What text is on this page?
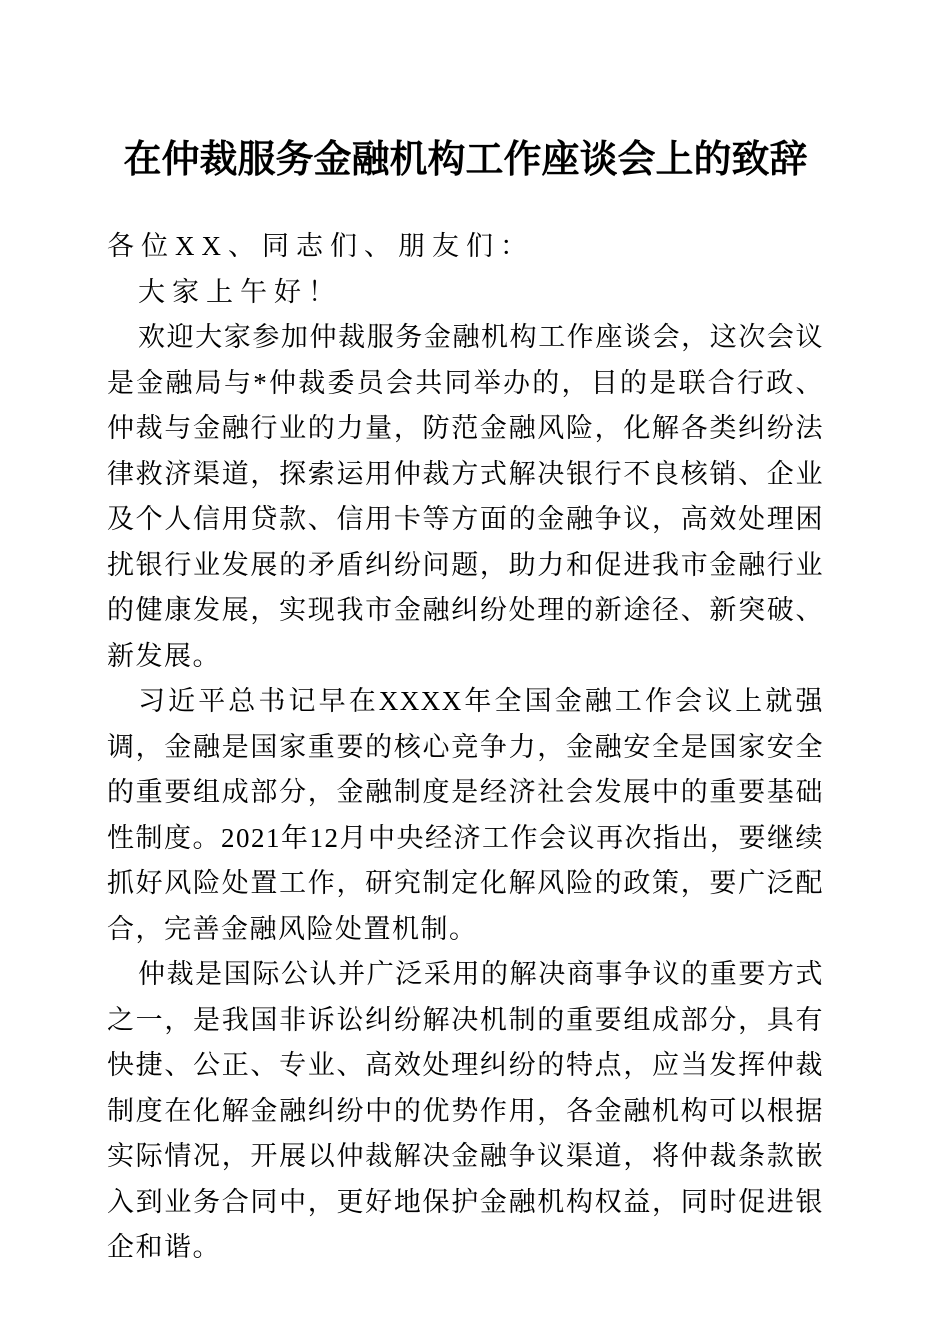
在仲裁服务金融机构工作座谈会上的致辞

各位XX、同志们、朋友们：

大家上午好！

欢迎大家参加仲裁服务金融机构工作座谈会，这次会议是金融局与*仲裁委员会共同举办的，目的是联合行政、仲裁与金融行业的力量，防范金融风险，化解各类纠纷法律救济渠道，探索运用仲裁方式解决银行不良核销、企业及个人信用贷款、信用卡等方面的金融争议，高效处理困扰银行业发展的矛盾纠纷问题，助力和促进我市金融行业的健康发展，实现我市金融纠纷处理的新途径、新突破、新发展。

习近平总书记早在XXXX年全国金融工作会议上就强调，金融是国家重要的核心竞争力，金融安全是国家安全的重要组成部分，金融制度是经济社会发展中的重要基础性制度。2021年12月中央经济工作会议再次指出，要继续抓好风险处置工作，研究制定化解风险的政策，要广泛配合，完善金融风险处置机制。

仲裁是国际公认并广泛采用的解决商事争议的重要方式之一，是我国非诉讼纠纷解决机制的重要组成部分，具有快捷、公正、专业、高效处理纠纷的特点，应当发挥仲裁制度在化解金融纠纷中的优势作用，各金融机构可以根据实际情况，开展以仲裁解决金融争议渠道，将仲裁条款嵌入到业务合同中，更好地保护金融机构权益，同时促进银企和谐。
